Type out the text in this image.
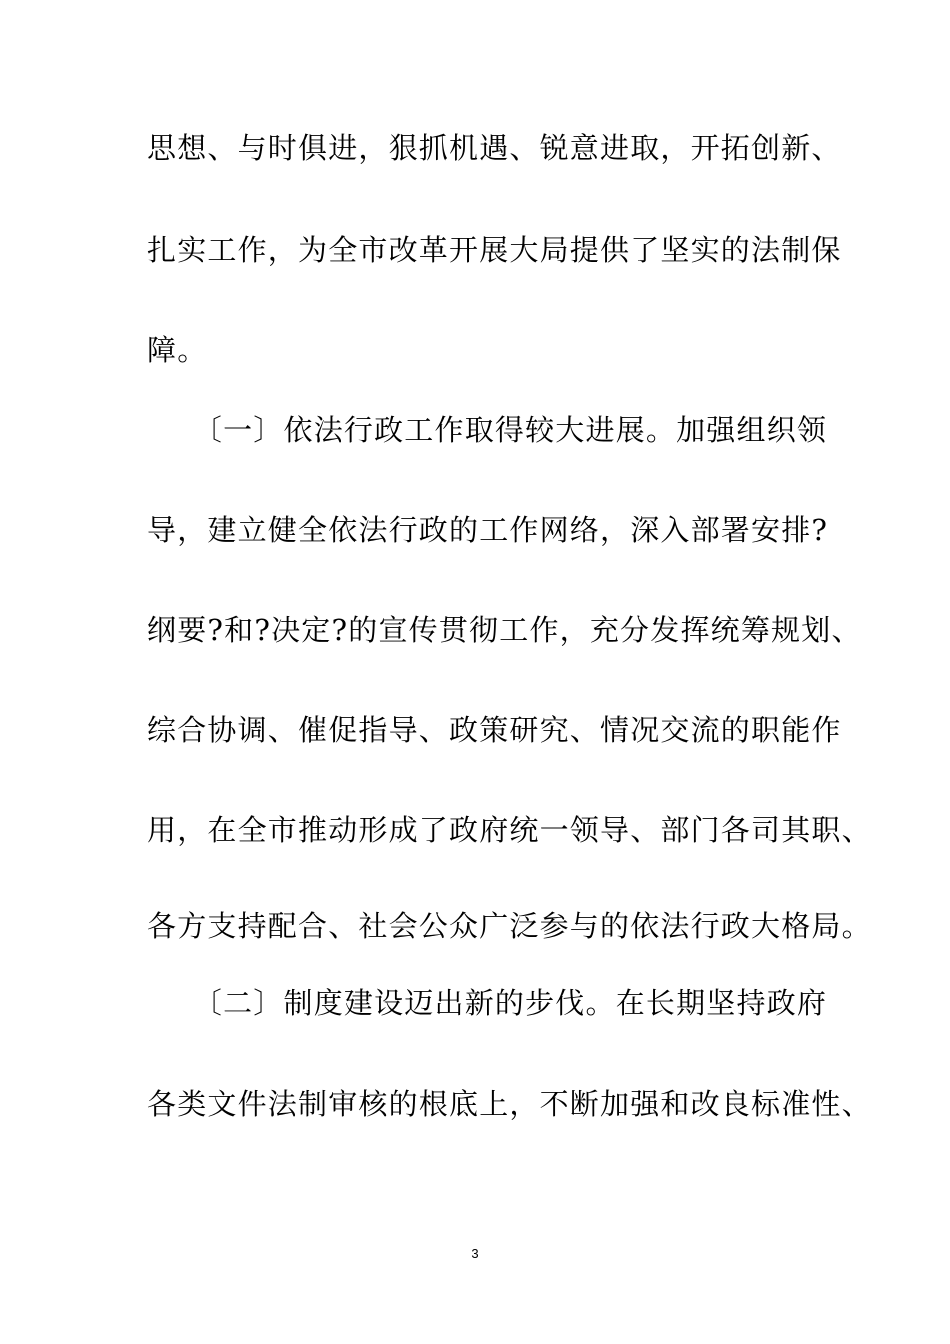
思想、与时俱进，狠抓机遇、锐意进取，开拓创新、
扎实工作，为全市改革开展大局提供了坚实的法制保
障。
　　〔一〕依法行政工作取得较大进展。加强组织领
导，建立健全依法行政的工作网络，深入部署安排?
纲要?和?决定?的宣传贯彻工作，充分发挥统筹规划、
综合协调、催促指导、政策研究、情况交流的职能作
用，在全市推动形成了政府统一领导、部门各司其职、
各方支持配合、社会公众广泛参与的依法行政大格局。
　　〔二〕制度建设迈出新的步伐。在长期坚持政府
各类文件法制审核的根底上，不断加强和改良标准性、
3
